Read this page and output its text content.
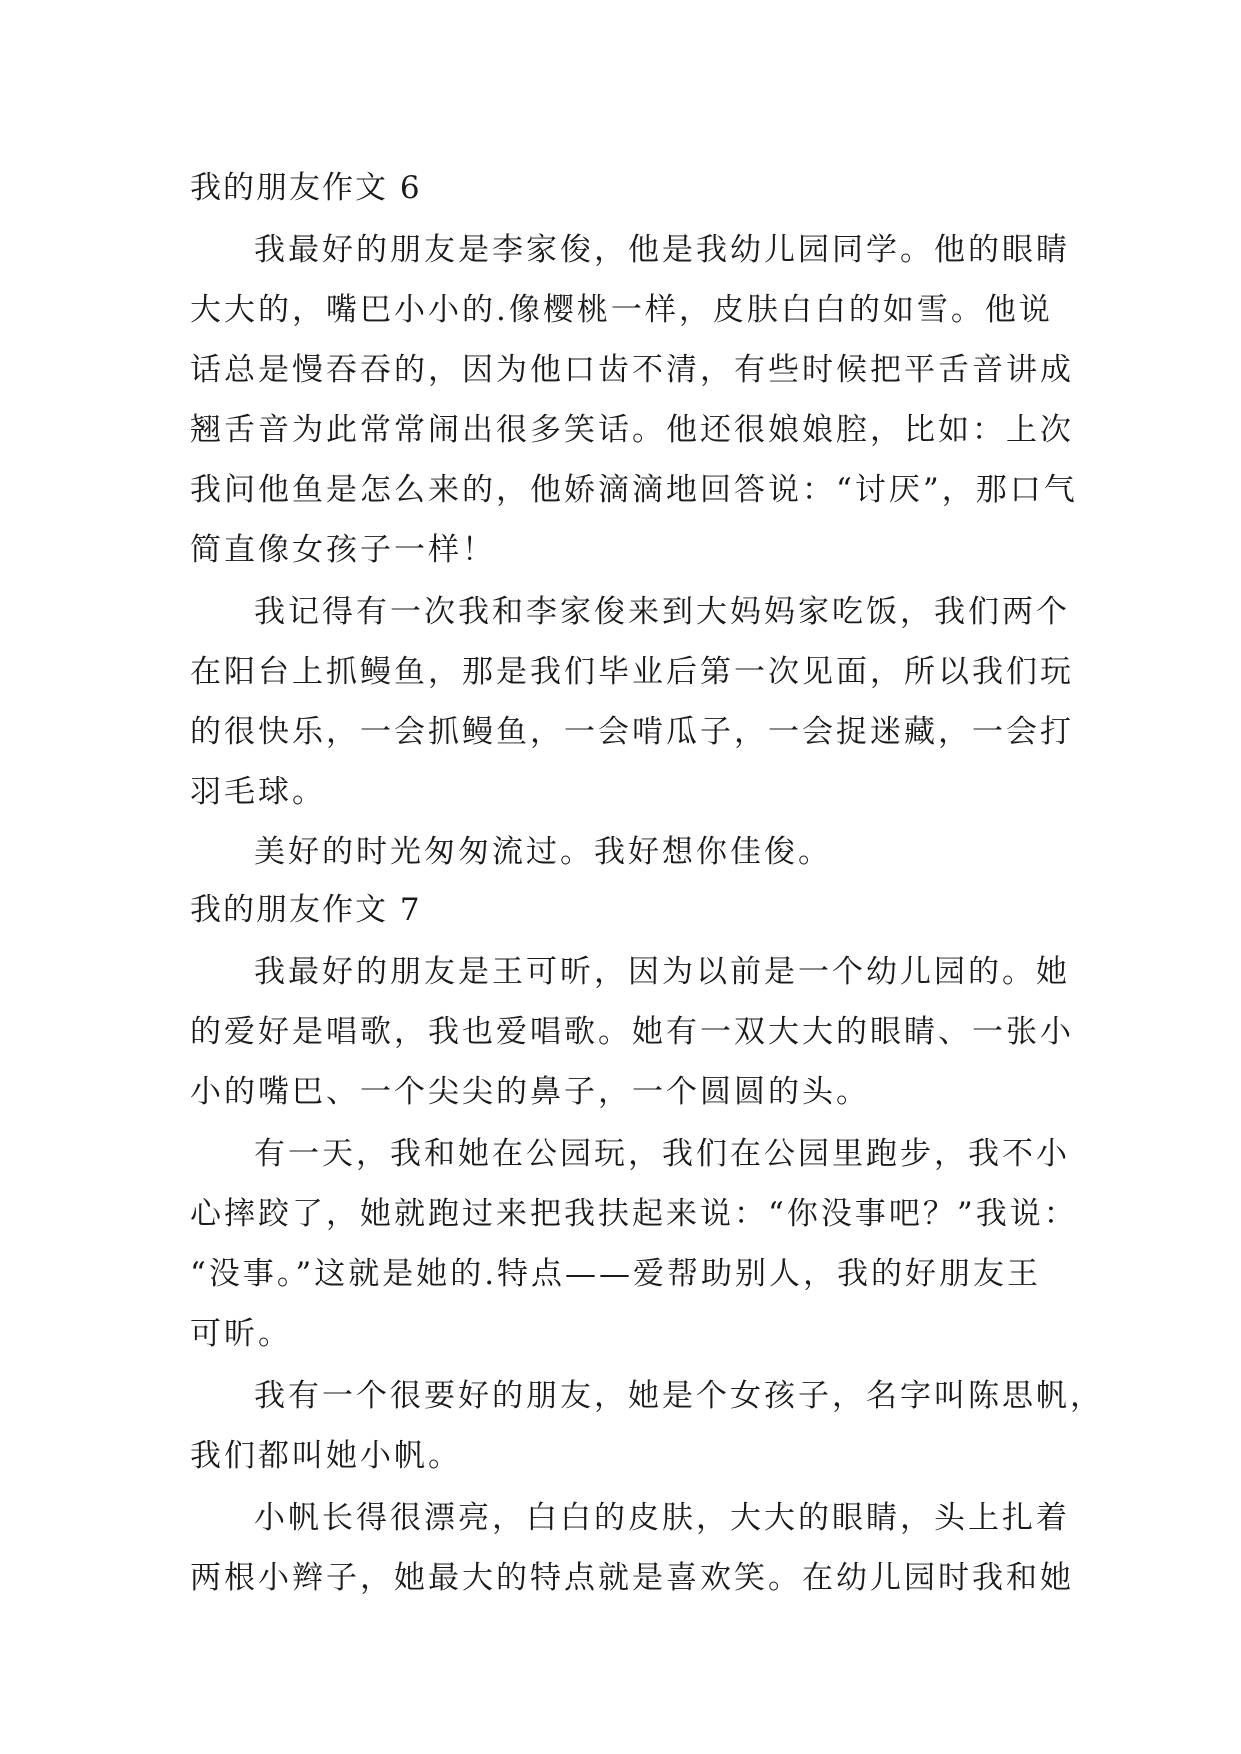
我的朋友作文 6
我最好的朋友是李家俊，他是我幼儿园同学。他的眼睛
大大的，嘴巴小小的.像樱桃一样，皮肤白白的如雪。他说
话总是慢吞吞的，因为他口齿不清，有些时候把平舌音讲成
翘舌音为此常常闹出很多笑话。他还很娘娘腔，比如：上次
我问他鱼是怎么来的，他娇滴滴地回答说：“讨厌”，那口气
简直像女孩子一样！
我记得有一次我和李家俊来到大妈妈家吃饭，我们两个
在阳台上抓鳗鱼，那是我们毕业后第一次见面，所以我们玩
的很快乐，一会抓鳗鱼，一会啃瓜子，一会捉迷藏，一会打
羽毛球。
美好的时光匆匆流过。我好想你佳俊。
我的朋友作文 7
我最好的朋友是王可昕，因为以前是一个幼儿园的。她
的爱好是唱歌，我也爱唱歌。她有一双大大的眼睛、一张小
小的嘴巴、一个尖尖的鼻子，一个圆圆的头。
有一天，我和她在公园玩，我们在公园里跑步，我不小
心摔跤了，她就跑过来把我扶起来说：“你没事吧？”我说：
“没事。”这就是她的.特点——爱帮助别人，我的好朋友王
可昕。
我有一个很要好的朋友，她是个女孩子，名字叫陈思帆，
我们都叫她小帆。
小帆长得很漂亮，白白的皮肤，大大的眼睛，头上扎着
两根小辫子，她最大的特点就是喜欢笑。在幼儿园时我和她
